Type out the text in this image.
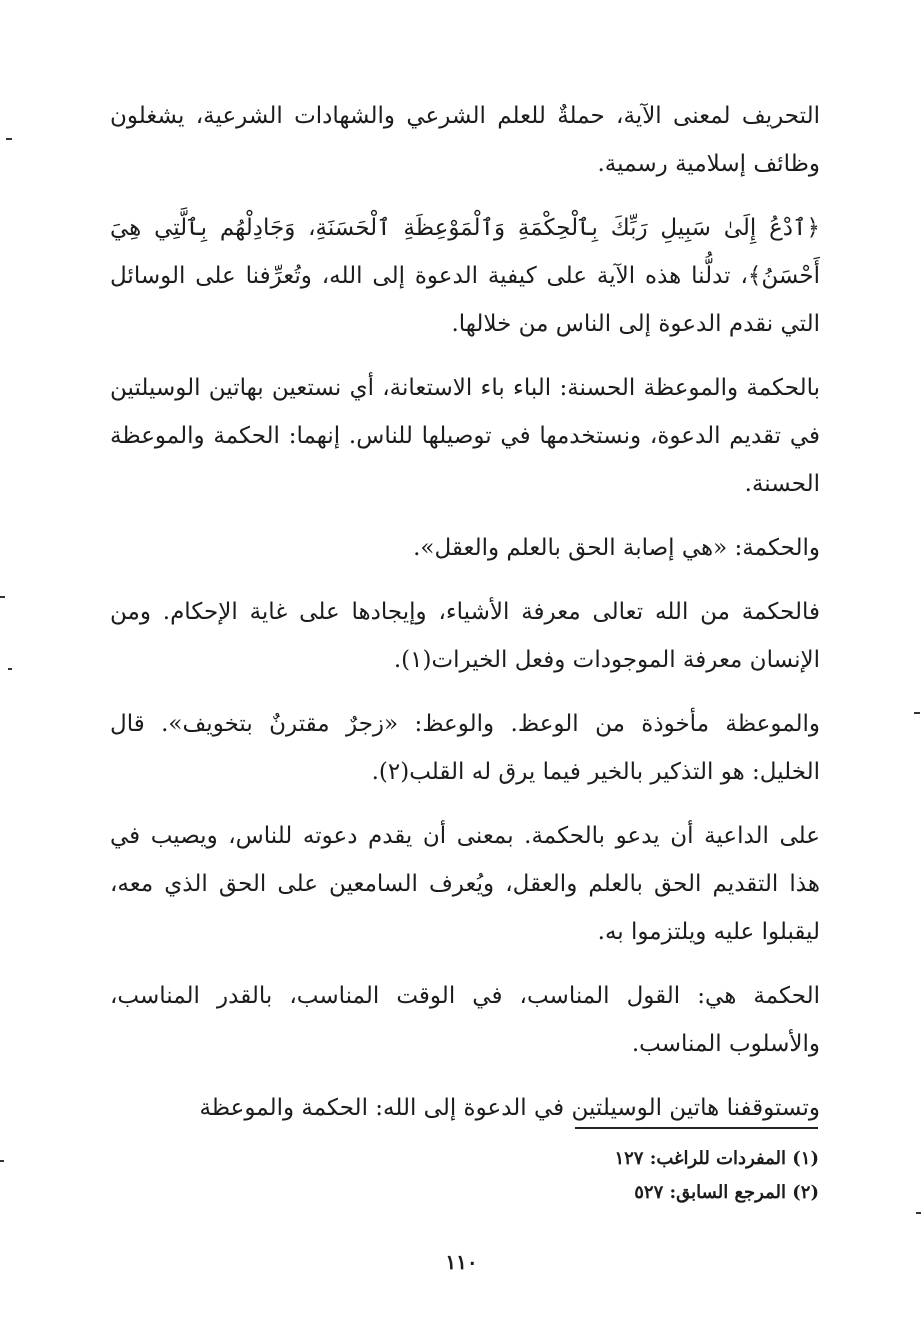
التحريف لمعنى الآية، حملةٌ للعلم الشرعي والشهادات الشرعية، يشغلون وظائف إسلامية رسمية.

﴿ٱدْعُ إِلَىٰ سَبِيلِ رَبِّكَ بِٱلْحِكْمَةِ وَٱلْمَوْعِظَةِ ٱلْحَسَنَةِ، وَجَادِلْهُم بِٱلَّتِي هِيَ أَحْسَنُ﴾، تدلُّنا هذه الآية على كيفية الدعوة إلى الله، وتُعرِّفنا على الوسائل التي نقدم الدعوة إلى الناس من خلالها.

بالحكمة والموعظة الحسنة: الباء باء الاستعانة، أي نستعين بهاتين الوسيلتين في تقديم الدعوة، ونستخدمها في توصيلها للناس. إنهما: الحكمة والموعظة الحسنة.

والحكمة: «هي إصابة الحق بالعلم والعقل».

فالحكمة من الله تعالى معرفة الأشياء، وإيجادها على غاية الإحكام. ومن الإنسان معرفة الموجودات وفعل الخيرات(١).

والموعظة مأخوذة من الوعظ. والوعظ: «زجرٌ مقترنٌ بتخويف». قال الخليل: هو التذكير بالخير فيما يرق له القلب(٢).

على الداعية أن يدعو بالحكمة. بمعنى أن يقدم دعوته للناس، ويصيب في هذا التقديم الحق بالعلم والعقل، ويُعرف السامعين على الحق الذي معه، ليقبلوا عليه ويلتزموا به.

الحكمة هي: القول المناسب، في الوقت المناسب، بالقدر المناسب، والأسلوب المناسب.

وتستوقفنا هاتين الوسيلتين في الدعوة إلى الله: الحكمة والموعظة

(١) المفردات للراغب: ١٢٧
(٢) المرجع السابق: ٥٢٧
١١٠
